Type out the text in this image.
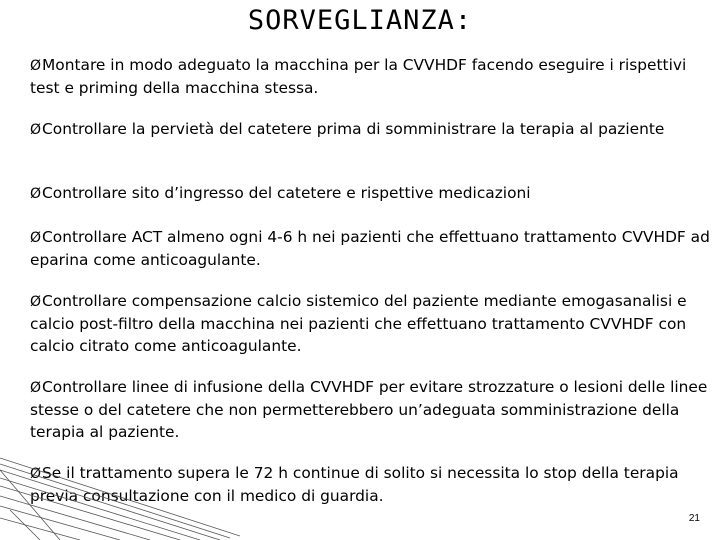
SORVEGLIANZA:
ØMontare in modo adeguato la macchina per la CVVHDF facendo eseguire i rispettivi test e priming della macchina stessa.
ØControllare la pervietà del catetere prima di somministrare la terapia al paziente
ØControllare sito d’ingresso del catetere e rispettive medicazioni
ØControllare ACT almeno ogni 4-6 h nei pazienti che effettuano trattamento CVVHDF ad eparina come anticoagulante.
ØControllare compensazione calcio sistemico del paziente mediante emogasanalisi e calcio post-filtro della macchina nei pazienti che effettuano trattamento CVVHDF con calcio citrato come anticoagulante.
ØControllare linee di infusione della CVVHDF per evitare strozzature o lesioni delle linee stesse o del catetere che non permetterebbero un’adeguata somministrazione della terapia al paziente.
ØSe il trattamento supera le 72 h continue di solito si necessita lo stop della terapia previa consultazione con il medico di guardia.
21
